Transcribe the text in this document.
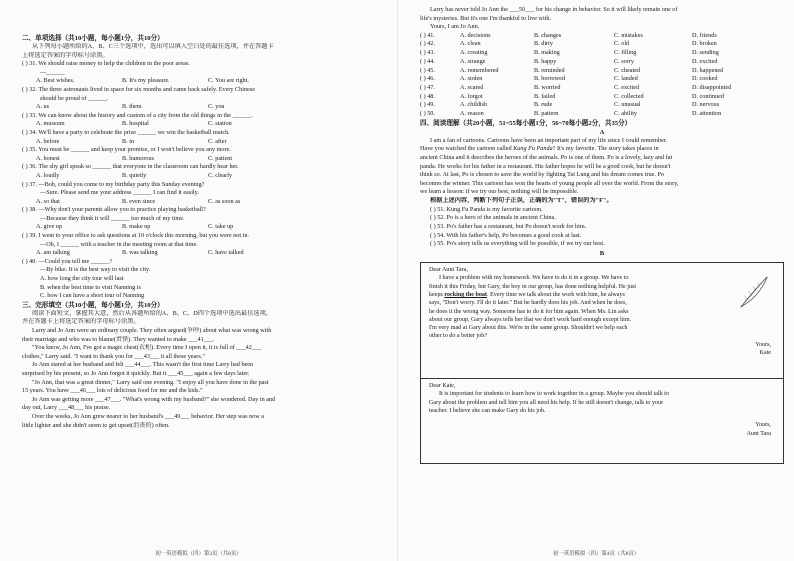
二、单项选择（共10小题，每小题1分，共10分）
从下列每小题所给的A、B、C三个选项中，选出可以填入空白处的最佳选项，并在答题卡
上将选定答案的字母标号涂黑。
( ) 31. We should raise money to help the children in the poor areas.
—______
A. Best wishes.	B. It's my pleasure.	C. You are right.
( ) 32. The three astronauts lived in space for six months and came back safely. Every Chinese
should be proud of ______.
A. us	B. them	C. you
( ) 33. We can know about the history and custom of a city from the old things in the ______.
A. museum	B. hospital	C. station
( ) 34. We'll have a party to celebrate the prize ______ we win the basketball match.
A. before	B. in	C. after
( ) 35. You must be ______ and keep your promise, or I won't believe you any more.
A. honest	B. humorous	C. patient
( ) 36. The shy girl speak so ______ that everyone in the classroom can hardly hear her.
A. loudly	B. quietly	C. clearly
( ) 37. —Bob, could you come to my birthday party this Sunday evening?
—Sure. Please send me your address ______ I can find it easily.
A. so that	B. even since	C. as soon as
( ) 38. —Why don't your parents allow you to practice playing basketball?
—Because they think it will ______ too much of my time.
A. give up	B. make up	C. take up
( ) 39. I went to your office to ask questions at 10 o'clock this morning, but you were not in.
—Oh, I ______ with a teacher in the meeting room at that time.
A. am talking	B. was talking	C. have talked
( ) 40. —Could you tell me ______?
—By bike. It is the best way to visit the city.
A. how long the city tour will last
B. when the best time to visit Nanning is
C. how I can have a short tour of Nanning
三、完形填空（共10小题，每小题1分，共10分）
阅读下面短文，掌握其大意，然后从各题所给的A、B、C、D四个选项中选出最佳选项，
并在答题卡上将选定答案的字母标号涂黑。
Larry and Jo Ann were an ordinary couple. They often argued(争吵) about what was wrong with
their marriage and who was to blame(责怪). They wanted to make ___41___.
"You know, Jo Ann, I've got a magic chest(衣柜). Every time I open it, it is full of ___42___
clothes," Larry said. "I want to thank you for ___43___ it all these years."
Jo Ann stared at her husband and felt ___44___. This wasn't the first time Larry had been
surprised by his present, so Jo Ann forgot it quickly. But it ___45___ again a few days later.
"Jo Ann, that was a great dinner," Larry said one evening. "I enjoy all you have done in the past
15 years. You have ___46___ lots of delicious food for me and the kids."
Jo Ann was getting more ___47___. "What's wrong with my husband?" she wondered. Day in and
day out, Larry ___48___ his praise.
Over the weeks, Jo Ann grew nearer to her husband's ___49___ behavior. Her step was now a
little lighter and she didn't seem to get upset(沮丧的) often.
初一英语模拟（四）第3页（共8页）
Larry has never told Jo Ann the ___50___ for his change in behavior. So it will likely remain one of
life's mysteries. But it's one I'm thankful to live with.
Yours, I am Jo Ann.
( ) 41.	A. decisions	B. changes	C. mistakes	D. friends
( ) 42.	A. clean	B. dirty	C. old	D. broken
( ) 43.	A. creating	B. making	C. filling	D. sending
( ) 44.	A. strange	B. happy	C. sorry	D. excited
( ) 45.	A. remembered	B. reminded	C. cheated	D. happened
( ) 46.	A. stolen	B. borrowed	C. landed	D. cooked
( ) 47.	A. scared	B. worried	C. excited	D. disappointed
( ) 48.	A. forgot	B. failed	C. collected	D. continued
( ) 49.	A. childish	B. rude	C. unusual	D. nervous
( ) 50.	A. reason	B. pattern	C. ability	D. attention
四、阅读理解（共20小题，51~55每小题1分，56~70每小题2分，共35分）
A
I am a fan of cartoons. Cartoons have been an important part of my life since I could remember.
Have you watched the cartoon called Kung Fu Panda? It's my favorite. The story takes places in
ancient China and it describes the heroes of the animals. Po is one of them. Po is a lovely, lazy and fat
panda. He works for his father in a restaurant. His father hopes he will be a good cook, but he doesn't
think so. At last, Po is chosen to save the world by fighting Tai Lung and his dream comes true. Po
becomes the winner. This cartoon has won the hearts of young people all over the world. From the story,
we learn a lesson: if we try our best, nothing will be impossible.
根据上述内容，判断下列句子正误，正确的为"T"，错误的为"F"。
( ) 51. Kung Fu Panda is my favorite cartoon.
( ) 52. Po is a hero of the animals in ancient China.
( ) 53. Po's father has a restaurant, but Po doesn't work for him.
( ) 54. With his father's help, Po becomes a good cook at last.
( ) 55. Po's story tells us everything will be possible, if we try our best.
B

Dear Aunt Tara,

I have a problem with my homework. We have to do it in a group. We have to

finish it this Friday, but Gary, the boy in our group, has done nothing helpful. He just

keeps rocking the boat. Every time we talk about the work with him, he always

says, "Don't worry. I'll do it later." But he hardly does his job. And when he does,

he does it the wrong way. Someone has to do it for him again. When Ms. Lin asks

about our group, Gary always tells her that we don't work hard enough except him.

I'm very mad at Gary about this. We're in the same group. Shouldn't we help each

other to do a better job?

Yours,

Kate

Dear Kate,

It is important for students to learn how to work together in a group. Maybe you should talk to

Gary about the problem and tell him you all need his help. If he still doesn't change, talk to your

teacher. I believe she can make Gary do his job.

Yours,

Aunt Tara

初一英语模拟（四）第4页（共8页）
